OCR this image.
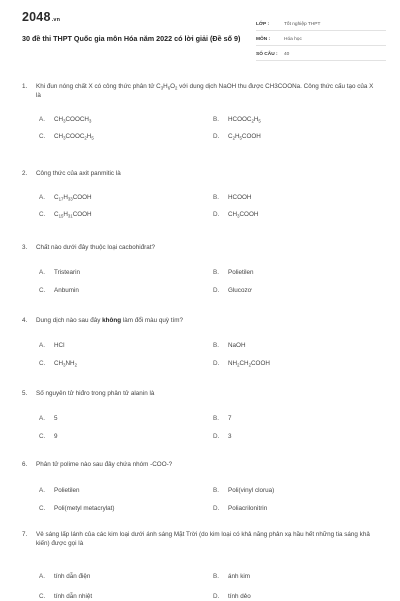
2048.vn
30 đề thi THPT Quốc gia môn Hóa năm 2022 có lời giải (Đề số 9)
LỚP :	Tốt nghiệp THPT
MÔN :	Hóa học
SỐ CÂU :	40
1.	Khi đun nóng chất X có công thức phân tử $C_3H_6O_2$ với dung dịch NaOH thu được CH3COONa. Công thức cấu tạo của X là
A.	$CH_3COOCH_3$	B.	$HCOOC_2H_5$
C.	$CH_3COOC_2H_5$	D.	$C_2H_5COOH$
2.	Công thức của axit panmitic là
A.	$C_{17}H_{33}COOH$	B.	HCOOH
C.	$C_{15}H_{31}COOH$	D.	$CH_3COOH$
3.	Chất nào dưới đây thuộc loại cacbohiđrat?
A.	Tristearin	B.	Polietilen
C.	Anbumin	D.	Glucozơ
4.	Dung dịch nào sau đây không làm đổi màu quỳ tím?
A.	HCl	B.	NaOH
C.	$CH_3NH_2$	D.	$NH_2CH_2COOH$
5.	Số nguyên tử hiđro trong phân tử alanin là
A.	5	B.	7
C.	9	D.	3
6.	Phân tử polime nào sau đây chứa nhóm -COO-?
A.	Polietilen	B.	Poli(vinyl clorua)
C.	Poli(metyl metacrylat)	D.	Poliacrilonitrin
7.	Vẻ sáng lấp lánh của các kim loại dưới ánh sáng Mặt Trời (do kim loại có khả năng phản xạ hầu hết những tia sáng khả kiến) được gọi là
A.	tính dẫn điện	B.	ánh kim
C.	tính dẫn nhiệt	D.	tính dẻo
